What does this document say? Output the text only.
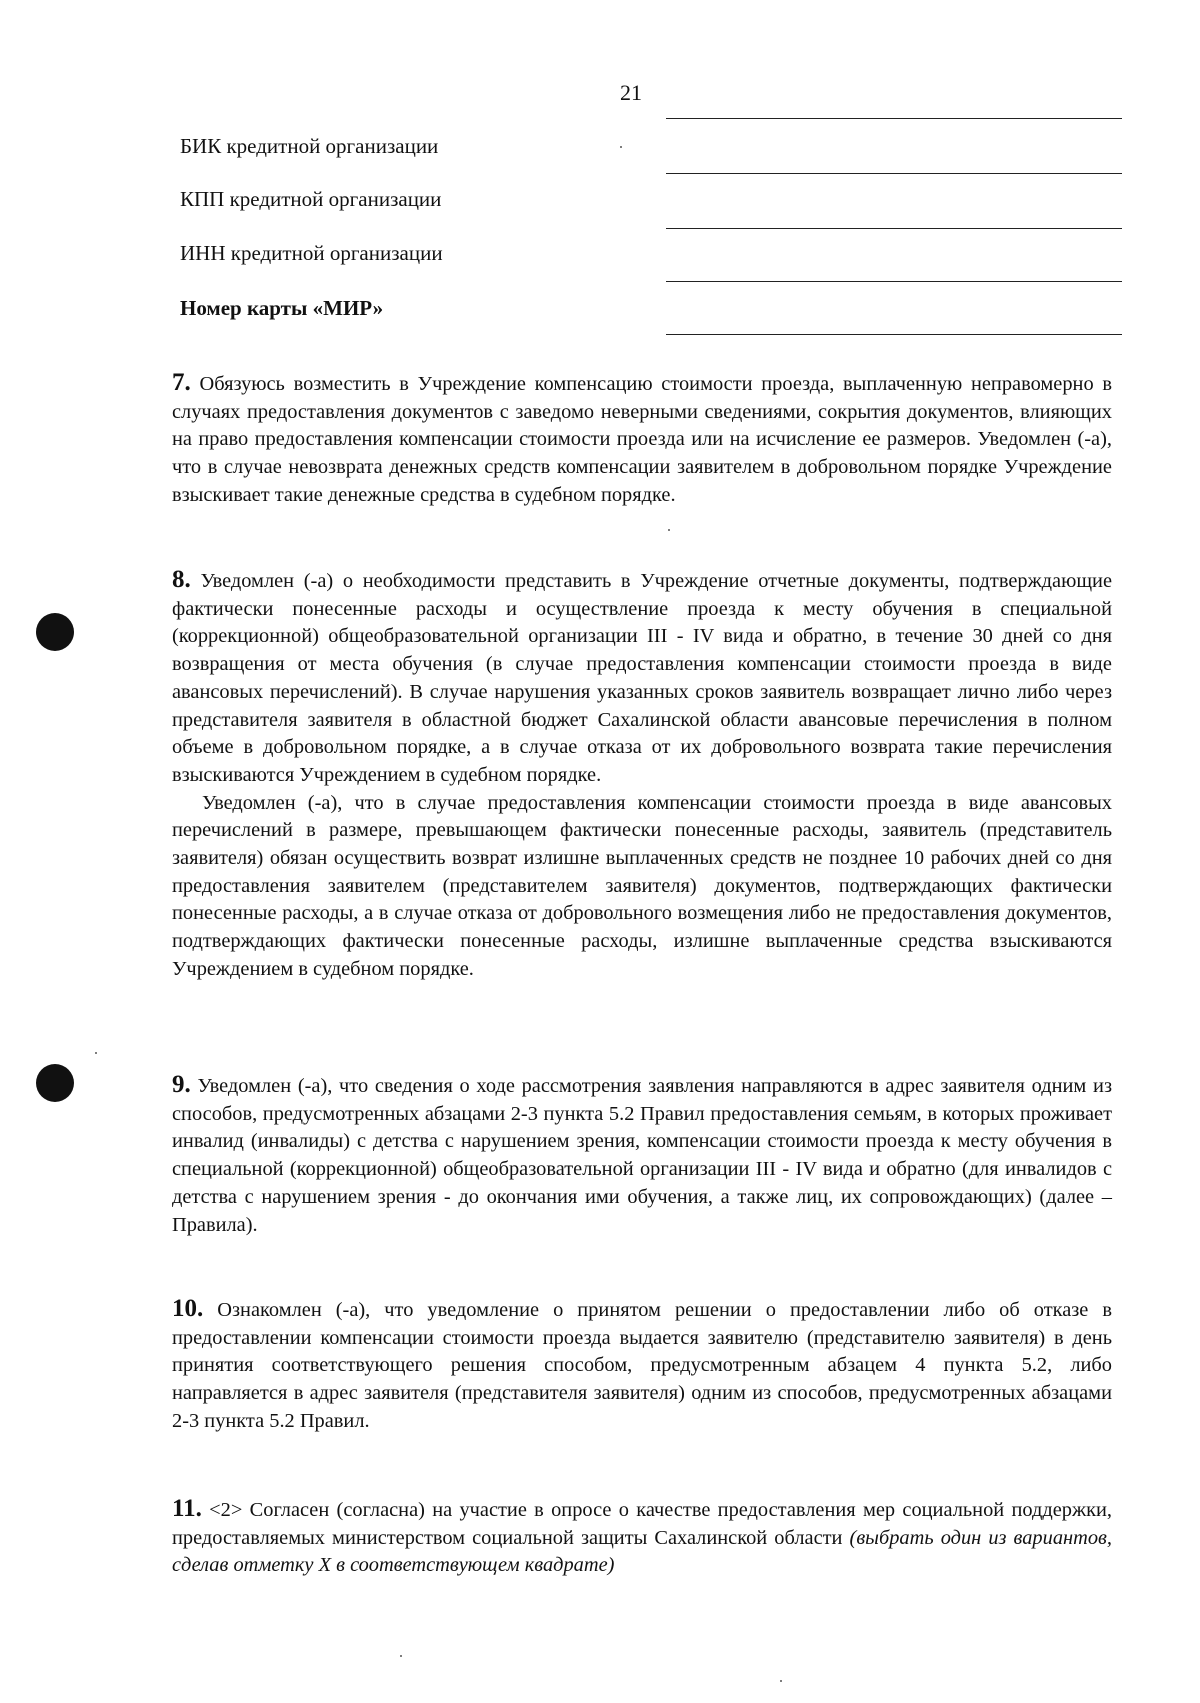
21
БИК кредитной организации
КПП кредитной организации
ИНН кредитной организации
Номер карты «МИР»
7. Обязуюсь возместить в Учреждение компенсацию стоимости проезда, выплаченную неправомерно в случаях предоставления документов с заведомо неверными сведениями, сокрытия документов, влияющих на право предоставления компенсации стоимости проезда или на исчисление ее размеров. Уведомлен (-а), что в случае невозврата денежных средств компенсации заявителем в добровольном порядке Учреждение взыскивает такие денежные средства в судебном порядке.
8. Уведомлен (-а) о необходимости представить в Учреждение отчетные документы, подтверждающие фактически понесенные расходы и осуществление проезда к месту обучения в специальной (коррекционной) общеобразовательной организации III - IV вида и обратно, в течение 30 дней со дня возвращения от места обучения (в случае предоставления компенсации стоимости проезда в виде авансовых перечислений). В случае нарушения указанных сроков заявитель возвращает лично либо через представителя заявителя в областной бюджет Сахалинской области авансовые перечисления в полном объеме в добровольном порядке, а в случае отказа от их добровольного возврата такие перечисления взыскиваются Учреждением в судебном порядке.
Уведомлен (-а), что в случае предоставления компенсации стоимости проезда в виде авансовых перечислений в размере, превышающем фактически понесенные расходы, заявитель (представитель заявителя) обязан осуществить возврат излишне выплаченных средств не позднее 10 рабочих дней со дня предоставления заявителем (представителем заявителя) документов, подтверждающих фактически понесенные расходы, а в случае отказа от добровольного возмещения либо не предоставления документов, подтверждающих фактически понесенные расходы, излишне выплаченные средства взыскиваются Учреждением в судебном порядке.
9. Уведомлен (-а), что сведения о ходе рассмотрения заявления направляются в адрес заявителя одним из способов, предусмотренных абзацами 2-3 пункта 5.2 Правил предоставления семьям, в которых проживает инвалид (инвалиды) с детства с нарушением зрения, компенсации стоимости проезда к месту обучения в специальной (коррекционной) общеобразовательной организации III - IV вида и обратно (для инвалидов с детства с нарушением зрения - до окончания ими обучения, а также лиц, их сопровождающих) (далее – Правила).
10. Ознакомлен (-а), что уведомление о принятом решении о предоставлении либо об отказе в предоставлении компенсации стоимости проезда выдается заявителю (представителю заявителя) в день принятия соответствующего решения способом, предусмотренным абзацем 4 пункта 5.2, либо направляется в адрес заявителя (представителя заявителя) одним из способов, предусмотренных абзацами 2-3 пункта 5.2 Правил.
11. <2> Согласен (согласна) на участие в опросе о качестве предоставления мер социальной поддержки, предоставляемых министерством социальной защиты Сахалинской области (выбрать один из вариантов, сделав отметку X в соответствующем квадрате)
